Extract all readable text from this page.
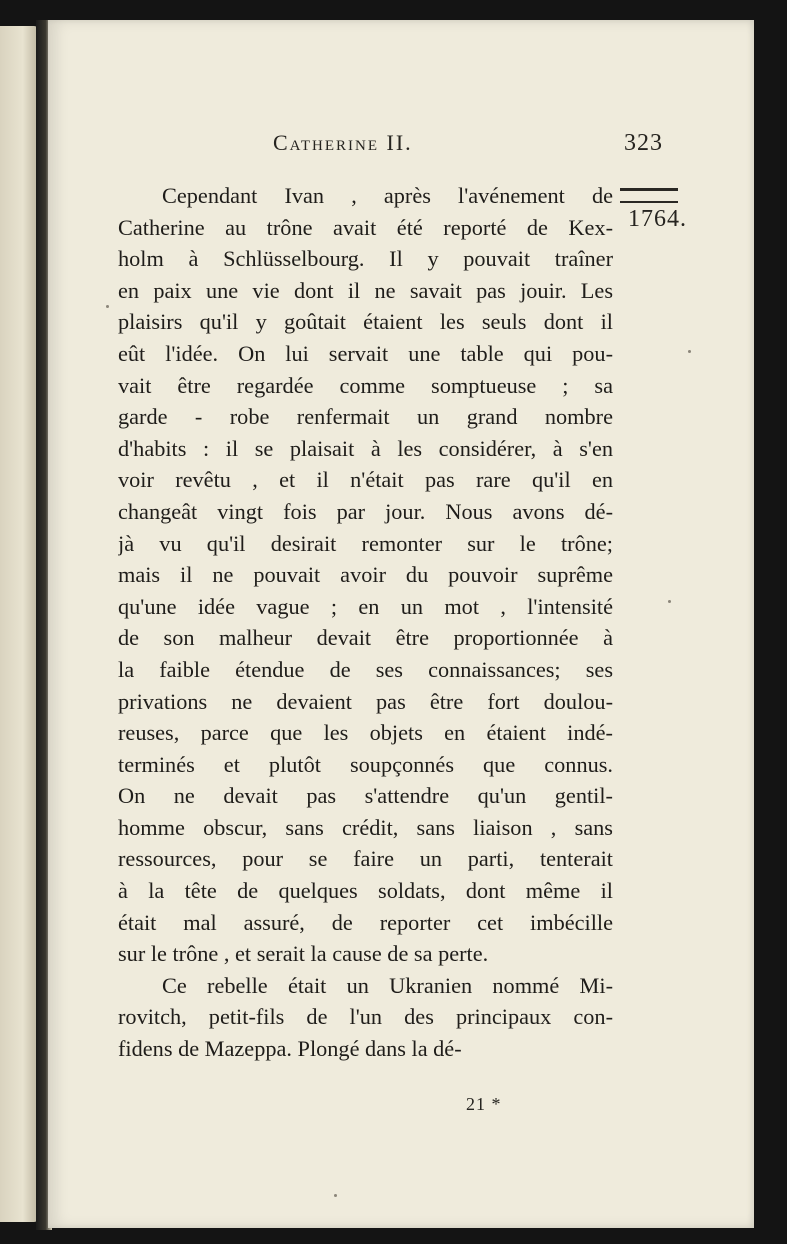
Catherine II.	323
1764.
Cependant Ivan , après l'avénement de
Catherine au trône avait été reporté de Kex-
holm à Schlüsselbourg. Il y pouvait traîner
en paix une vie dont il ne savait pas jouir. Les
plaisirs qu'il y goûtait étaient les seuls dont il
eût l'idée. On lui servait une table qui pou-
vait être regardée comme somptueuse ; sa
garde - robe renfermait un grand nombre
d'habits : il se plaisait à les considérer, à s'en
voir revêtu , et il n'était pas rare qu'il en
changeât vingt fois par jour. Nous avons dé-
jà vu qu'il desirait remonter sur le trône;
mais il ne pouvait avoir du pouvoir suprême
qu'une idée vague ; en un mot , l'intensité
de son malheur devait être proportionnée à
la faible étendue de ses connaissances; ses
privations ne devaient pas être fort doulou-
reuses, parce que les objets en étaient indé-
terminés et plutôt soupçonnés que connus.
On ne devait pas s'attendre qu'un gentil-
homme obscur, sans crédit, sans liaison , sans
ressources, pour se faire un parti, tenterait
à la tête de quelques soldats, dont même il
était mal assuré, de reporter cet imbécille
sur le trône , et serait la cause de sa perte.
Ce rebelle était un Ukranien nommé Mi-
rovitch, petit-fils de l'un des principaux con-
fidens de Mazeppa. Plongé dans la dé-
21 *
